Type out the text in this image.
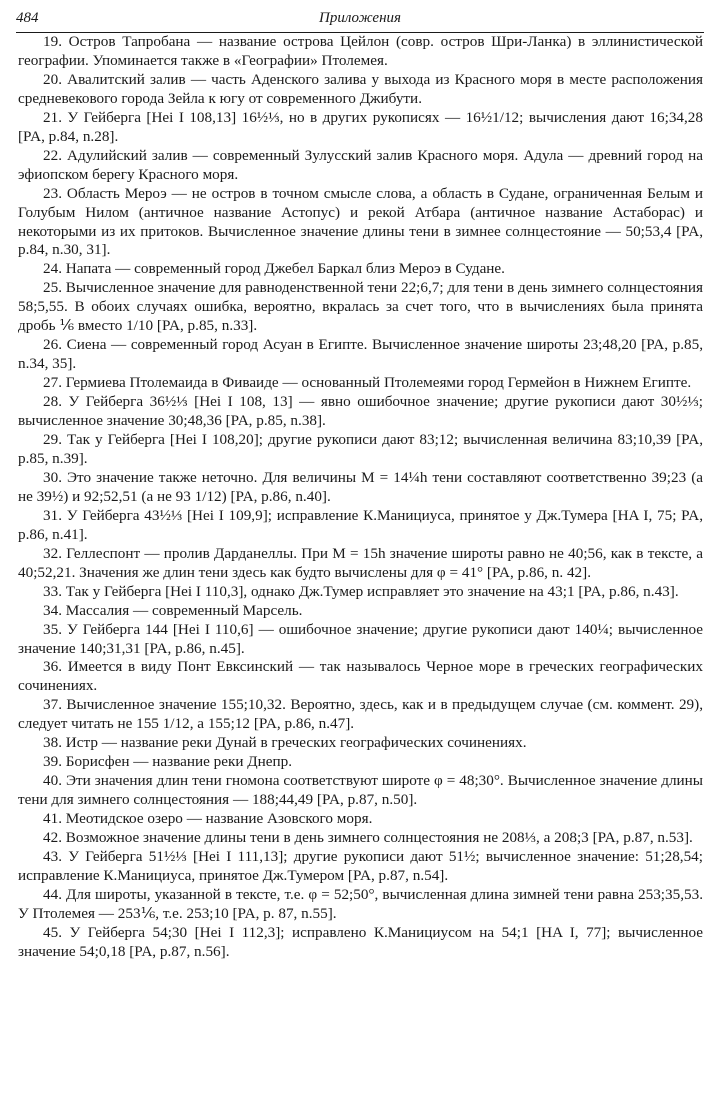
484	Приложения

19. Остров Тапробана — название острова Цейлон (совр. остров Шри-Ланка) в эллинистической географии. Упоминается также в «Географии» Птолемея.

20. Авалитский залив — часть Аденского залива у выхода из Красного моря в месте расположения средневекового города Зейла к югу от современного Джибути.

21. У Гейберга [Hei I 108,13] 16½⅓, но в других рукописях — 16½1/12; вычисления дают 16;34,28 [PA, p.84, n.28].

22. Адулийский залив — современный Зулусский залив Красного моря. Адула — древний город на эфиопском берегу Красного моря.

23. Область Мероэ — не остров в точном смысле слова, а область в Судане, ограниченная Белым и Голубым Нилом (античное название Астопус) и рекой Атбара (античное название Астаборас) и некоторыми из их притоков. Вычисленное значение длины тени в зимнее солнцестояние — 50;53,4 [PA, p.84, n.30, 31].

24. Напата — современный город Джебел Баркал близ Мероэ в Судане.

25. Вычисленное значение для равноденственной тени 22;6,7; для тени в день зимнего солнцестояния 58;5,55. В обоих случаях ошибка, вероятно, вкралась за счет того, что в вычислениях была принята дробь ⅙ вместо 1/10 [PA, p.85, n.33].

26. Сиена — современный город Асуан в Египте. Вычисленное значение широты 23;48,20 [PA, p.85, n.34, 35].

27. Гермиева Птолемаида в Фиваиде — основанный Птолемеями город Гермейон в Нижнем Египте.

28. У Гейберга 36½⅓ [Hei I 108, 13] — явно ошибочное значение; другие рукописи дают 30½⅓; вычисленное значение 30;48,36 [PA, p.85, n.38].

29. Так у Гейберга [Hei I 108,20]; другие рукописи дают 83;12; вычисленная величина 83;10,39 [PA, p.85, n.39].

30. Это значение также неточно. Для величины M = 14¼h тени составляют соответственно 39;23 (а не 39½) и 92;52,51 (а не 93 1/12) [PA, p.86, n.40].

31. У Гейберга 43½⅓ [Hei I 109,9]; исправление К.Манициуса, принятое у Дж.Тумера [HA I, 75; PA, p.86, n.41].

32. Геллеспонт — пролив Дарданеллы. При M = 15h значение широты равно не 40;56, как в тексте, а 40;52,21. Значения же длин тени здесь как будто вычислены для φ = 41° [PA, p.86, n. 42].

33. Так у Гейберга [Hei I 110,3], однако Дж.Тумер исправляет это значение на 43;1 [PA, p.86, n.43].

34. Массалия — современный Марсель.

35. У Гейберга 144 [Hei I 110,6] — ошибочное значение; другие рукописи дают 140¼; вычисленное значение 140;31,31 [PA, p.86, n.45].

36. Имеется в виду Понт Евксинский — так называлось Черное море в греческих географических сочинениях.

37. Вычисленное значение 155;10,32. Вероятно, здесь, как и в предыдущем случае (см. коммент. 29), следует читать не 155 1/12, а 155;12 [PA, p.86, n.47].

38. Истр — название реки Дунай в греческих географических сочинениях.

39. Борисфен — название реки Днепр.

40. Эти значения длин тени гномона соответствуют широте φ = 48;30°. Вычисленное значение длины тени для зимнего солнцестояния — 188;44,49 [PA, p.87, n.50].

41. Меотидское озеро — название Азовского моря.

42. Возможное значение длины тени в день зимнего солнцестояния не 208⅓, а 208;3 [PA, p.87, n.53].

43. У Гейберга 51½⅓ [Hei I 111,13]; другие рукописи дают 51½; вычисленное значение: 51;28,54; исправление К.Манициуса, принятое Дж.Тумером [PA, p.87, n.54].

44. Для широты, указанной в тексте, т.е. φ = 52;50°, вычисленная длина зимней тени равна 253;35,53. У Птолемея — 253⅙, т.е. 253;10 [PA, p. 87, n.55].

45. У Гейберга 54;30 [Hei I 112,3]; исправлено К.Манициусом на 54;1 [HA I, 77]; вычисленное значение 54;0,18 [PA, p.87, n.56].
